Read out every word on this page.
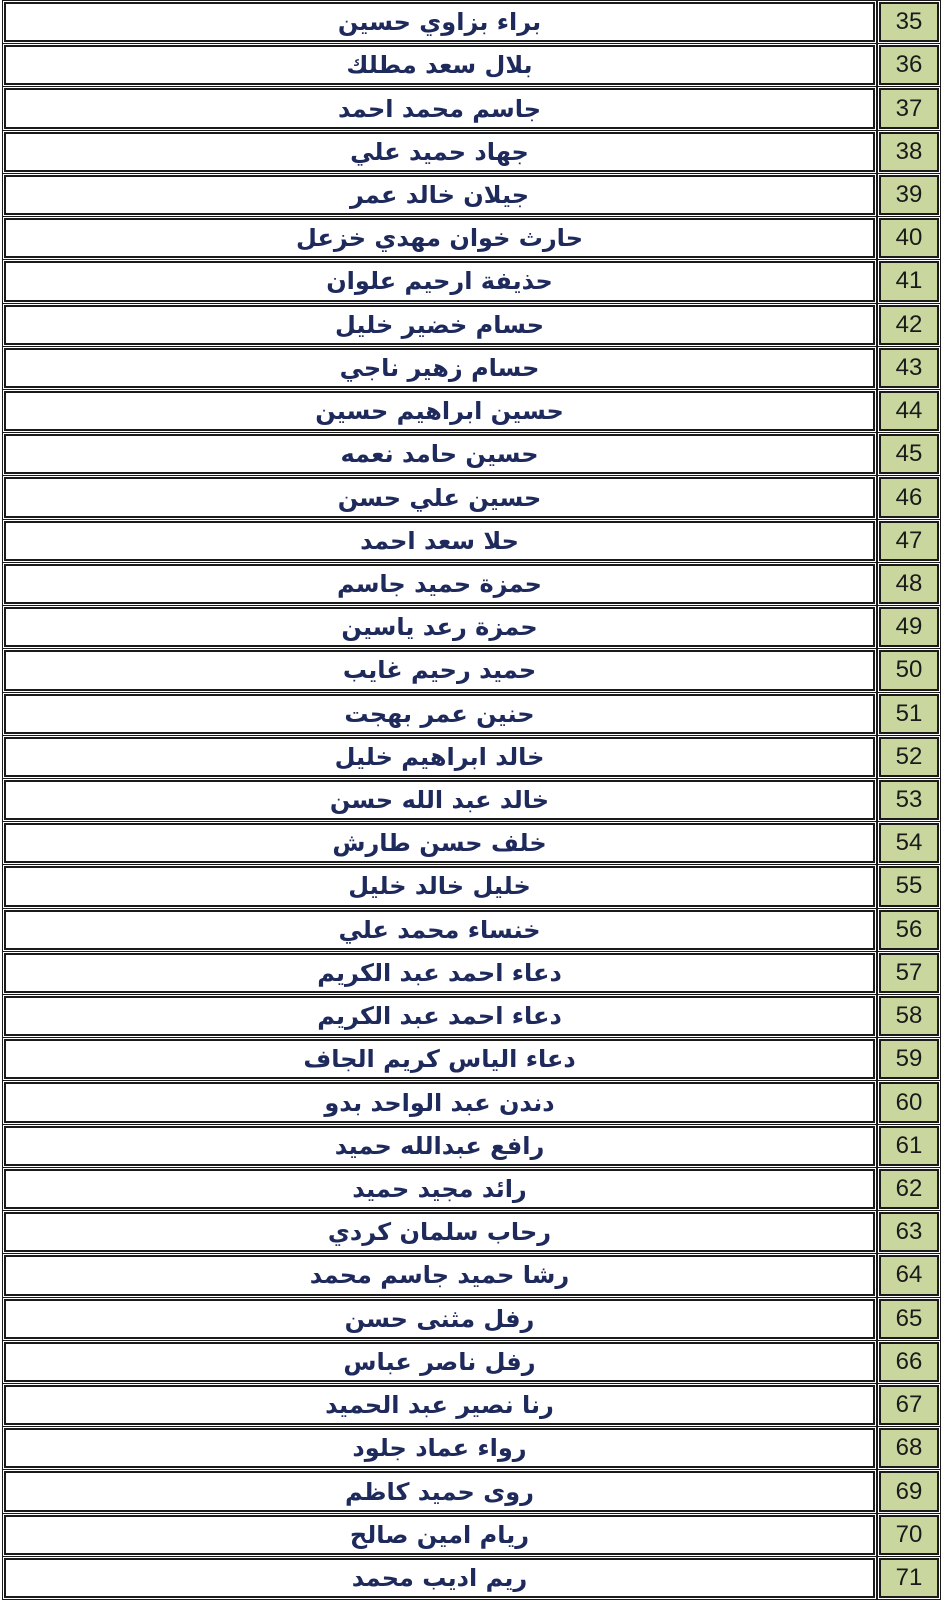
براء بزاوي حسين	35
بلال سعد مطلك	36
جاسم محمد احمد	37
جهاد حميد علي	38
جيلان خالد عمر	39
حارث خوان مهدي خزعل	40
حذيفة ارحيم علوان	41
حسام خضير خليل	42
حسام زهير ناجي	43
حسين ابراهيم حسين	44
حسين حامد نعمه	45
حسين علي حسن	46
حلا سعد احمد	47
حمزة حميد جاسم	48
حمزة رعد ياسين	49
حميد رحيم غايب	50
حنين عمر بهجت	51
خالد ابراهيم خليل	52
خالد عبد الله حسن	53
خلف حسن طارش	54
خليل خالد خليل	55
خنساء محمد علي	56
دعاء احمد عبد الكريم	57
دعاء احمد عبد الكريم	58
دعاء الياس كريم الجاف	59
دندن عبد الواحد بدو	60
رافع عبدالله حميد	61
رائد مجيد حميد	62
رحاب سلمان كردي	63
رشا حميد جاسم محمد	64
رفل مثنى حسن	65
رفل ناصر عباس	66
رنا نصير عبد الحميد	67
رواء عماد جلود	68
روى حميد كاظم	69
ريام امين صالح	70
ريم اديب محمد	71
